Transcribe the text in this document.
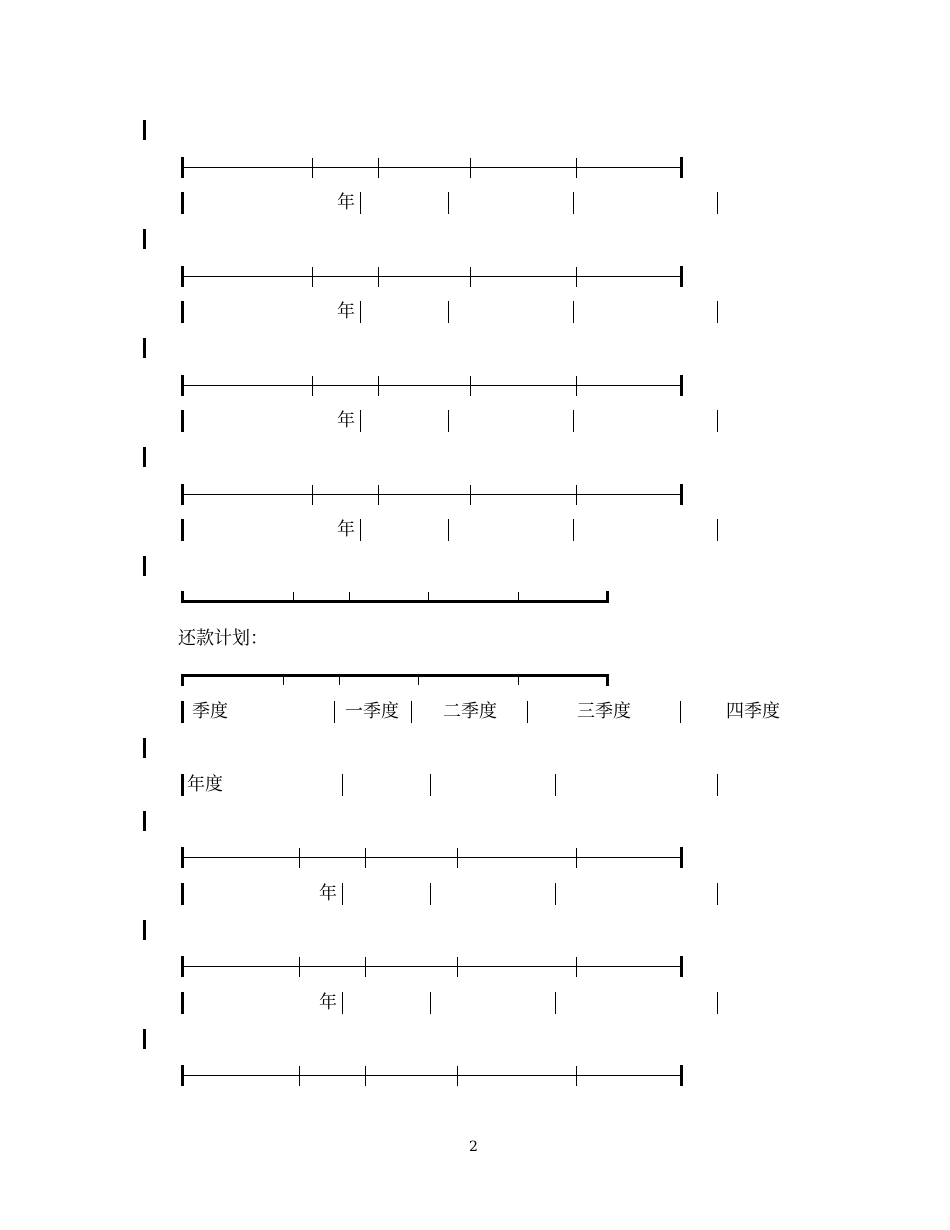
年
年
年
年
还款计划：
季度	一季度 二季度	三季度	四季度
年度
年
年
2
